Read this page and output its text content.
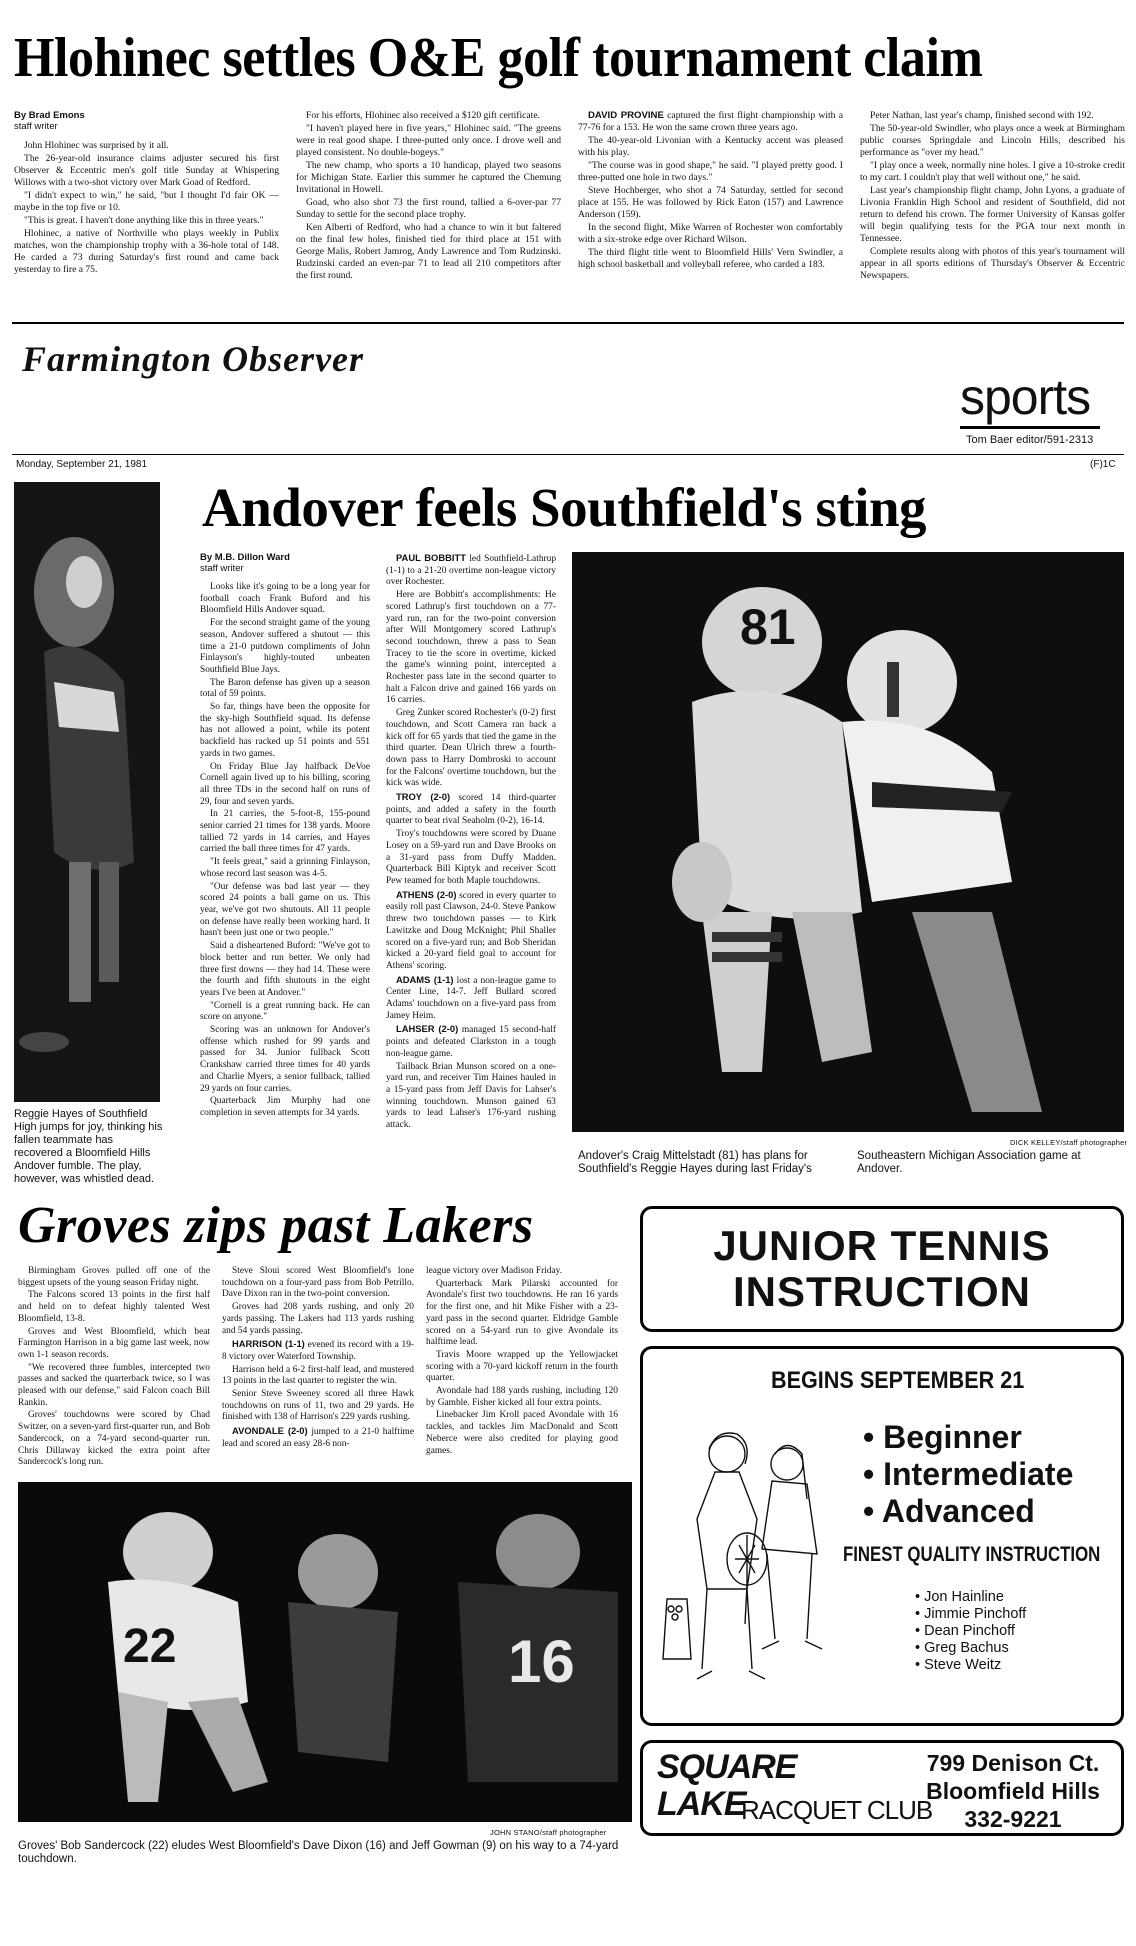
Hlohinec settles O&E golf tournament claim
By Brad Emons
staff writer

John Hlohinec was surprised by it all.

The 26-year-old insurance claims adjuster secured his first Observer & Eccentric men's golf title Sunday at Whispering Willows with a two-shot victory over Mark Goad of Redford.

"I didn't expect to win," he said, "but I thought I'd fair OK — maybe in the top five or 10.

"This is great. I haven't done anything like this in three years."

Hlohinec, a native of Northville who plays weekly in Publix matches, won the championship trophy with a 36-hole total of 148. He carded a 73 during Saturday's first round and came back yesterday to fire a 75.

For his efforts, Hlohinec also received a $120 gift certificate.

"I haven't played here in five years," Hlohinec said. "The greens were in real good shape. I three-putted only once. I drove well and played consistent. No double-bogeys."

The new champ, who sports a 10 handicap, played two seasons for Michigan State. Earlier this summer he captured the Chemung Invitational in Howell.

Goad, who also shot 73 the first round, tallied a 6-over-par 77 Sunday to settle for the second place trophy.

Ken Alberti of Redford, who had a chance to win it but faltered on the final few holes, finished tied for third place at 151 with George Malis, Robert Jamrog, Andy Lawrence and Tom Rudzinski. Rudzinski carded an even-par 71 to lead all 210 competitors after the first round.

DAVID PROVINE captured the first flight championship with a 77-76 for a 153. He won the same crown three years ago.

The 40-year-old Livonian with a Kentucky accent was pleased with his play.

"The course was in good shape," he said. "I played pretty good. I three-putted one hole in two days."

Steve Hochberger, who shot a 74 Saturday, settled for second place at 155. He was followed by Rick Eaton (157) and Lawrence Anderson (159).

In the second flight, Mike Warren of Rochester won comfortably with a six-stroke edge over Richard Wilson.

The third flight title went to Bloomfield Hills' Vern Swindler, a high school basketball and volleyball referee, who carded a 183.

Peter Nathan, last year's champ, finished second with 192.

The 50-year-old Swindler, who plays once a week at Birmingham public courses Springdale and Lincoln Hills, described his performance as "over my head."

"I play once a week, normally nine holes. I give a 10-stroke credit to my cart. I couldn't play that well without one," he said.

Last year's championship flight champ, John Lyons, a graduate of Livonia Franklin High School and resident of Southfield, did not return to defend his crown. The former University of Kansas golfer will begin qualifying tests for the PGA tour next month in Tennessee.

Complete results along with photos of this year's tournament will appear in all sports editions of Thursday's Observer & Eccentric Newspapers.

Farmington Observer
sports
Tom Baer editor/591-2313
Monday, September 21, 1981	(F)1C
Reggie Hayes of Southfield High jumps for joy, thinking his fallen teammate has recovered a Bloomfield Hills Andover fumble. The play, however, was whistled dead.
Andover feels Southfield's sting
By M.B. Dillon Ward
staff writer

Looks like it's going to be a long year for football coach Frank Buford and his Bloomfield Hills Andover squad.

For the second straight game of the young season, Andover suffered a shutout — this time a 21-0 putdown compliments of John Finlayson's highly-touted unbeaten Southfield Blue Jays.

The Baron defense has given up a season total of 59 points.

So far, things have been the opposite for the sky-high Southfield squad. Its defense has not allowed a point, while its potent backfield has racked up 51 points and 551 yards in two games.

On Friday Blue Jay halfback DeVoe Cornell again lived up to his billing, scoring all three TDs in the second half on runs of 29, four and seven yards.

In 21 carries, the 5-foot-8, 155-pound senior carried 21 times for 138 yards. Moore tallied 72 yards in 14 carries, and Hayes carried the ball three times for 47 yards.

"It feels great," said a grinning Finlayson, whose record last season was 4-5.

"Our defense was bad last year — they scored 24 points a ball game on us. This year, we've got two shutouts. All 11 people on defense have really been working hard. It hasn't been just one or two people."

Said a disheartened Buford: "We've got to block better and run better. We only had three first downs — they had 14. These were the fourth and fifth shutouts in the eight years I've been at Andover."

"Cornell is a great running back. He can score on anyone."

Scoring was an unknown for Andover's offense which rushed for 99 yards and passed for 34. Junior fullback Scott Crankshaw carried three times for 40 yards and Charlie Myers, a senior fullback, tallied 29 yards on four carries.

Quarterback Jim Murphy had one completion in seven attempts for 34 yards.

PAUL BOBBITT led Southfield-Lathrup (1-1) to a 21-20 overtime non-league victory over Rochester.

Here are Bobbitt's accomplishments: He scored Lathrup's first touchdown on a 77-yard run, ran for the two-point conversion after Will Montgomery scored Lathrup's second touchdown, threw a pass to Sean Tracey to tie the score in overtime, kicked the game's winning point, intercepted a Rochester pass late in the second quarter to halt a Falcon drive and gained 166 yards on 16 carries.

Greg Zunker scored Rochester's (0-2) first touchdown, and Scott Camera ran back a kick off for 65 yards that tied the game in the third quarter. Dean Ulrich threw a fourth-down pass to Harry Dombroski to account for the Falcons' overtime touchdown, but the kick was wide.

TROY (2-0) scored 14 third-quarter points, and added a safety in the fourth quarter to beat rival Seaholm (0-2), 16-14.

Troy's touchdowns were scored by Duane Losey on a 59-yard run and Dave Brooks on a 31-yard pass from Duffy Madden. Quarterback Bill Kiptyk and receiver Scott Pew teamed for both Maple touchdowns.

ATHENS (2-0) scored in every quarter to easily roll past Clawson, 24-0. Steve Pankow threw two touchdown passes — to Kirk Lawitzke and Doug McKnight; Phil Shaller scored on a five-yard run; and Bob Sheridan kicked a 20-yard field goal to account for Athens' scoring.

ADAMS (1-1) lost a non-league game to Center Line, 14-7. Jeff Bullard scored Adams' touchdown on a five-yard pass from Jamey Heim.

LAHSER (2-0) managed 15 second-half points and defeated Clarkston in a tough non-league game.

Tailback Brian Munson scored on a one-yard run, and receiver Tim Haines hauled in a 15-yard pass from Jeff Davis for Lahser's winning touchdown. Munson gained 63 yards to lead Lahser's 176-yard rushing attack.

81
DICK KELLEY/staff photographer
Andover's Craig Mittelstadt (81) has plans for Southfield's Reggie Hayes during last Friday's Southeastern Michigan Association game at Andover.
Groves zips past Lakers

Birmingham Groves pulled off one of the biggest upsets of the young season Friday night.

The Falcons scored 13 points in the first half and held on to defeat highly talented West Bloomfield, 13-8.

Groves and West Bloomfield, which beat Farmington Harrison in a big game last week, now own 1-1 season records.

"We recovered three fumbles, intercepted two passes and sacked the quarterback twice, so I was pleased with our defense," said Falcon coach Bill Rankin.

Groves' touchdowns were scored by Chad Switzer, on a seven-yard first-quarter run, and Bob Sandercock, on a 74-yard second-quarter run. Chris Dillaway kicked the extra point after Sandercock's long run.

Steve Sloui scored West Bloomfield's lone touchdown on a four-yard pass from Bob Petrillo. Dave Dixon ran in the two-point conversion.

Groves had 208 yards rushing, and only 20 yards passing. The Lakers had 113 yards rushing and 54 yards passing.

HARRISON (1-1) evened its record with a 19-8 victory over Waterford Township.

Harrison held a 6-2 first-half lead, and mustered 13 points in the last quarter to register the win.

Senior Steve Sweeney scored all three Hawk touchdowns on runs of 11, two and 29 yards. He finished with 138 of Harrison's 229 yards rushing.

AVONDALE (2-0) jumped to a 21-0 halftime lead and scored an easy 28-6 non-

league victory over Madison Friday.

Quarterback Mark Pilarski accounted for Avondale's first two touchdowns. He ran 16 yards for the first one, and hit Mike Fisher with a 23-yard pass in the second quarter. Eldridge Gamble scored on a 54-yard run to give Avondale its halftime lead.

Travis Moore wrapped up the Yellowjacket scoring with a 70-yard kickoff return in the fourth quarter.

Avondale had 188 yards rushing, including 120 by Gamble. Fisher kicked all four extra points.

Linebacker Jim Kroll paced Avondale with 16 tackles, and tackles Jim MacDonald and Scott Neberce were also credited for playing good games.

22	16
JOHN STANO/staff photographer
Groves' Bob Sandercock (22) eludes West Bloomfield's Dave Dixon (16) and Jeff Gowman (9) on his way to a 74-yard touchdown.
JUNIOR TENNIS
INSTRUCTION
BEGINS SEPTEMBER 21
• Beginner
• Intermediate
• Advanced
FINEST QUALITY INSTRUCTION
• Jon Hainline
• Jimmie Pinchoff
• Dean Pinchoff
• Greg Bachus
• Steve Weitz
SQUARE
LAKE
RACQUET CLUB
799 Denison Ct.
Bloomfield Hills
332-9221
